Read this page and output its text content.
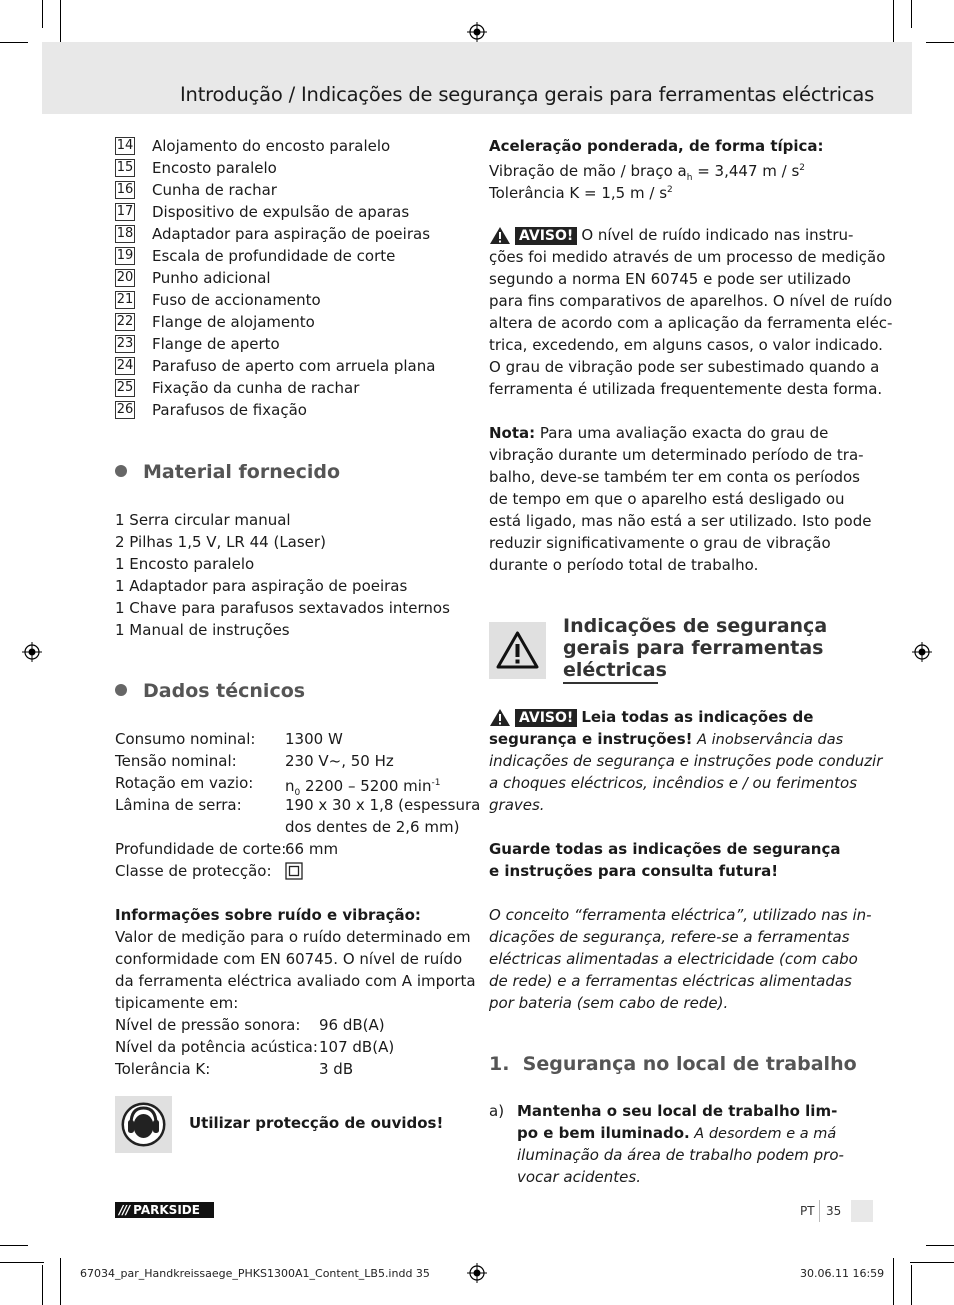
Introdução / Indicações de segurança gerais para ferramentas eléctricas
14 Alojamento do encosto paralelo
15 Encosto paralelo
16 Cunha de rachar
17 Dispositivo de expulsão de aparas
18 Adaptador para aspiração de poeiras
19 Escala de profundidade de corte
20 Punho adicional
21 Fuso de accionamento
22 Flange de alojamento
23 Flange de aperto
24 Parafuso de aperto com arruela plana
25 Fixação da cunha de rachar
26 Parafusos de fixação
Material fornecido
1 Serra circular manual
2 Pilhas 1,5 V, LR 44 (Laser)
1 Encosto paralelo
1 Adaptador para aspiração de poeiras
1 Chave para parafusos sextavados internos
1 Manual de instruções
Dados técnicos
Consumo nominal: 1300 W
Tensão nominal:	230 V~, 50 Hz
Rotação em vazio: $n_0$ 2200 – 5200 $\min^{-1}$
Lâmina de serra:	190 x 30 x 1,8 (espessura
dos dentes de 2,6 mm)
Profundidade de corte:
66 mm
Classe de protecção:
Informações sobre ruído e vibração:
Valor de medição para o ruído determinado em
conformidade com EN 60745. O nível de ruído
da ferramenta eléctrica avaliado com A importa
tipicamente em:
Nível de pressão sonora: 96 dB(A)
Nível da potência acústica: 107 dB(A)
Tolerância K:	3 dB
Utilizar protecção de ouvidos!
Aceleração ponderada, de forma típica:
Vibração de mão / braço $a_h = 3,447$ m / $s^2$
Tolerância K = 1,5 m / $s^2$
AVISO! O nível de ruído indicado nas instru-
ções foi medido através de um processo de medição
segundo a norma EN 60745 e pode ser utilizado
para fins comparativos de aparelhos. O nível de ruído
altera de acordo com a aplicação da ferramenta eléc-
trica, excedendo, em alguns casos, o valor indicado.
O grau de vibração pode ser subestimado quando a
ferramenta é utilizada frequentemente desta forma.
Nota: Para uma avaliação exacta do grau de
vibração durante um determinado período de tra-
balho, deve-se também ter em conta os períodos
de tempo em que o aparelho está desligado ou
está ligado, mas não está a ser utilizado. Isto pode
reduzir significativamente o grau de vibração
durante o período total de trabalho.
Indicações de segurança
gerais para ferramentas
eléctricas
AVISO! Leia todas as indicações de
segurança e instruções! A inobservância das
indicações de segurança e instruções pode conduzir
a choques eléctricos, incêndios e / ou ferimentos
graves.
Guarde todas as indicações de segurança
e instruções para consulta futura!
O conceito “ferramenta eléctrica”, utilizado nas in-
dicações de segurança, refere-se a ferramentas
eléctricas alimentadas a electricidade (com cabo
de rede) e a ferramentas eléctricas alimentadas
por bateria (sem cabo de rede).
1.  Segurança no local de trabalho
a) Mantenha o seu local de trabalho lim-
po e bem iluminado. A desordem e a má
iluminação da área de trabalho podem pro-
vocar acidentes.
/// PARKSIDE	PT 35
67034_par_Handkreissaege_PHKS1300A1_Content_LB5.indd 35	30.06.11 16:59
